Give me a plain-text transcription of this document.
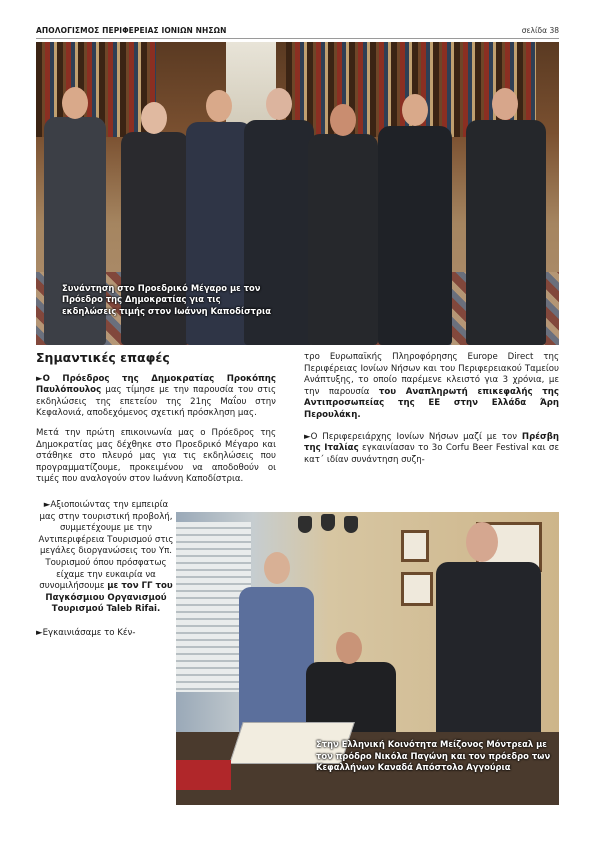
ΑΠΟΛΟΓΙΣΜΟΣ ΠΕΡΙΦΕΡΕΙΑΣ ΙΟΝΙΩΝ ΝΗΣΩΝ	σελίδα 38
Συνάντηση στο Προεδρικό Μέγαρο με τον Πρόεδρο της Δημοκρατίας για τις εκδηλώσεις τιμής στον Ιωάννη Καποδίστρια
Σημαντικές επαφές
►Ο Πρόεδρος της Δημοκρατίας Προκόπης Παυλόπουλος μας τίμησε με την παρουσία του στις εκδηλώσεις της επετείου της 21ης Μαΐου στην Κεφαλονιά, αποδεχόμενος σχετική πρόσκληση μας.
Μετά την πρώτη επικοινωνία μας ο Πρόεδρος της Δημοκρατίας μας δέχθηκε στο Προεδρικό Μέγαρο και στάθηκε στο πλευρό μας για τις εκδηλώσεις που προγραμματίζουμε, προκειμένου να αποδοθούν οι τιμές που αναλογούν στον Ιωάννη Καποδίστρια.
►Αξιοποιώντας την εμπειρία μας στην τουριστική προβολή, συμμετέχουμε με την Αντιπεριφέρεια Τουρισμού στις μεγάλες διοργανώσεις του Υπ. Τουρισμού όπου πρόσφατως είχαμε την ευκαιρία να συνομιλήσουμε με τον ΓΓ του Παγκόσμιου Οργανισμού Τουρισμού Taleb Rifai.
►Εγκαινιάσαμε το Κέν-
τρο Ευρωπαϊκής Πληροφόρησης Europe Direct της Περιφέρειας Ιονίων Νήσων και του Περιφερειακού Ταμείου Ανάπτυξης, το οποίο παρέμενε κλειστό για 3 χρόνια, με την παρουσία του Αναπληρωτή επικεφαλής της Αντιπροσωπείας της ΕΕ στην Ελλάδα Άρη Περουλάκη.
►Ο Περιφερειάρχης Ιονίων Νήσων μαζί με τον Πρέσβη της Ιταλίας εγκαινίασαν το 3ο Corfu Beer Festival και σε κατ΄ ιδίαν συνάντηση συζη-
Στην Ελληνική Κοινότητα Μείζονος Μόντρεαλ με τον πρόδρο Νικόλα Παγώνη και τον πρόεδρο των Κεφαλλήνων Καναδά Απόστολο Αγγούρια
